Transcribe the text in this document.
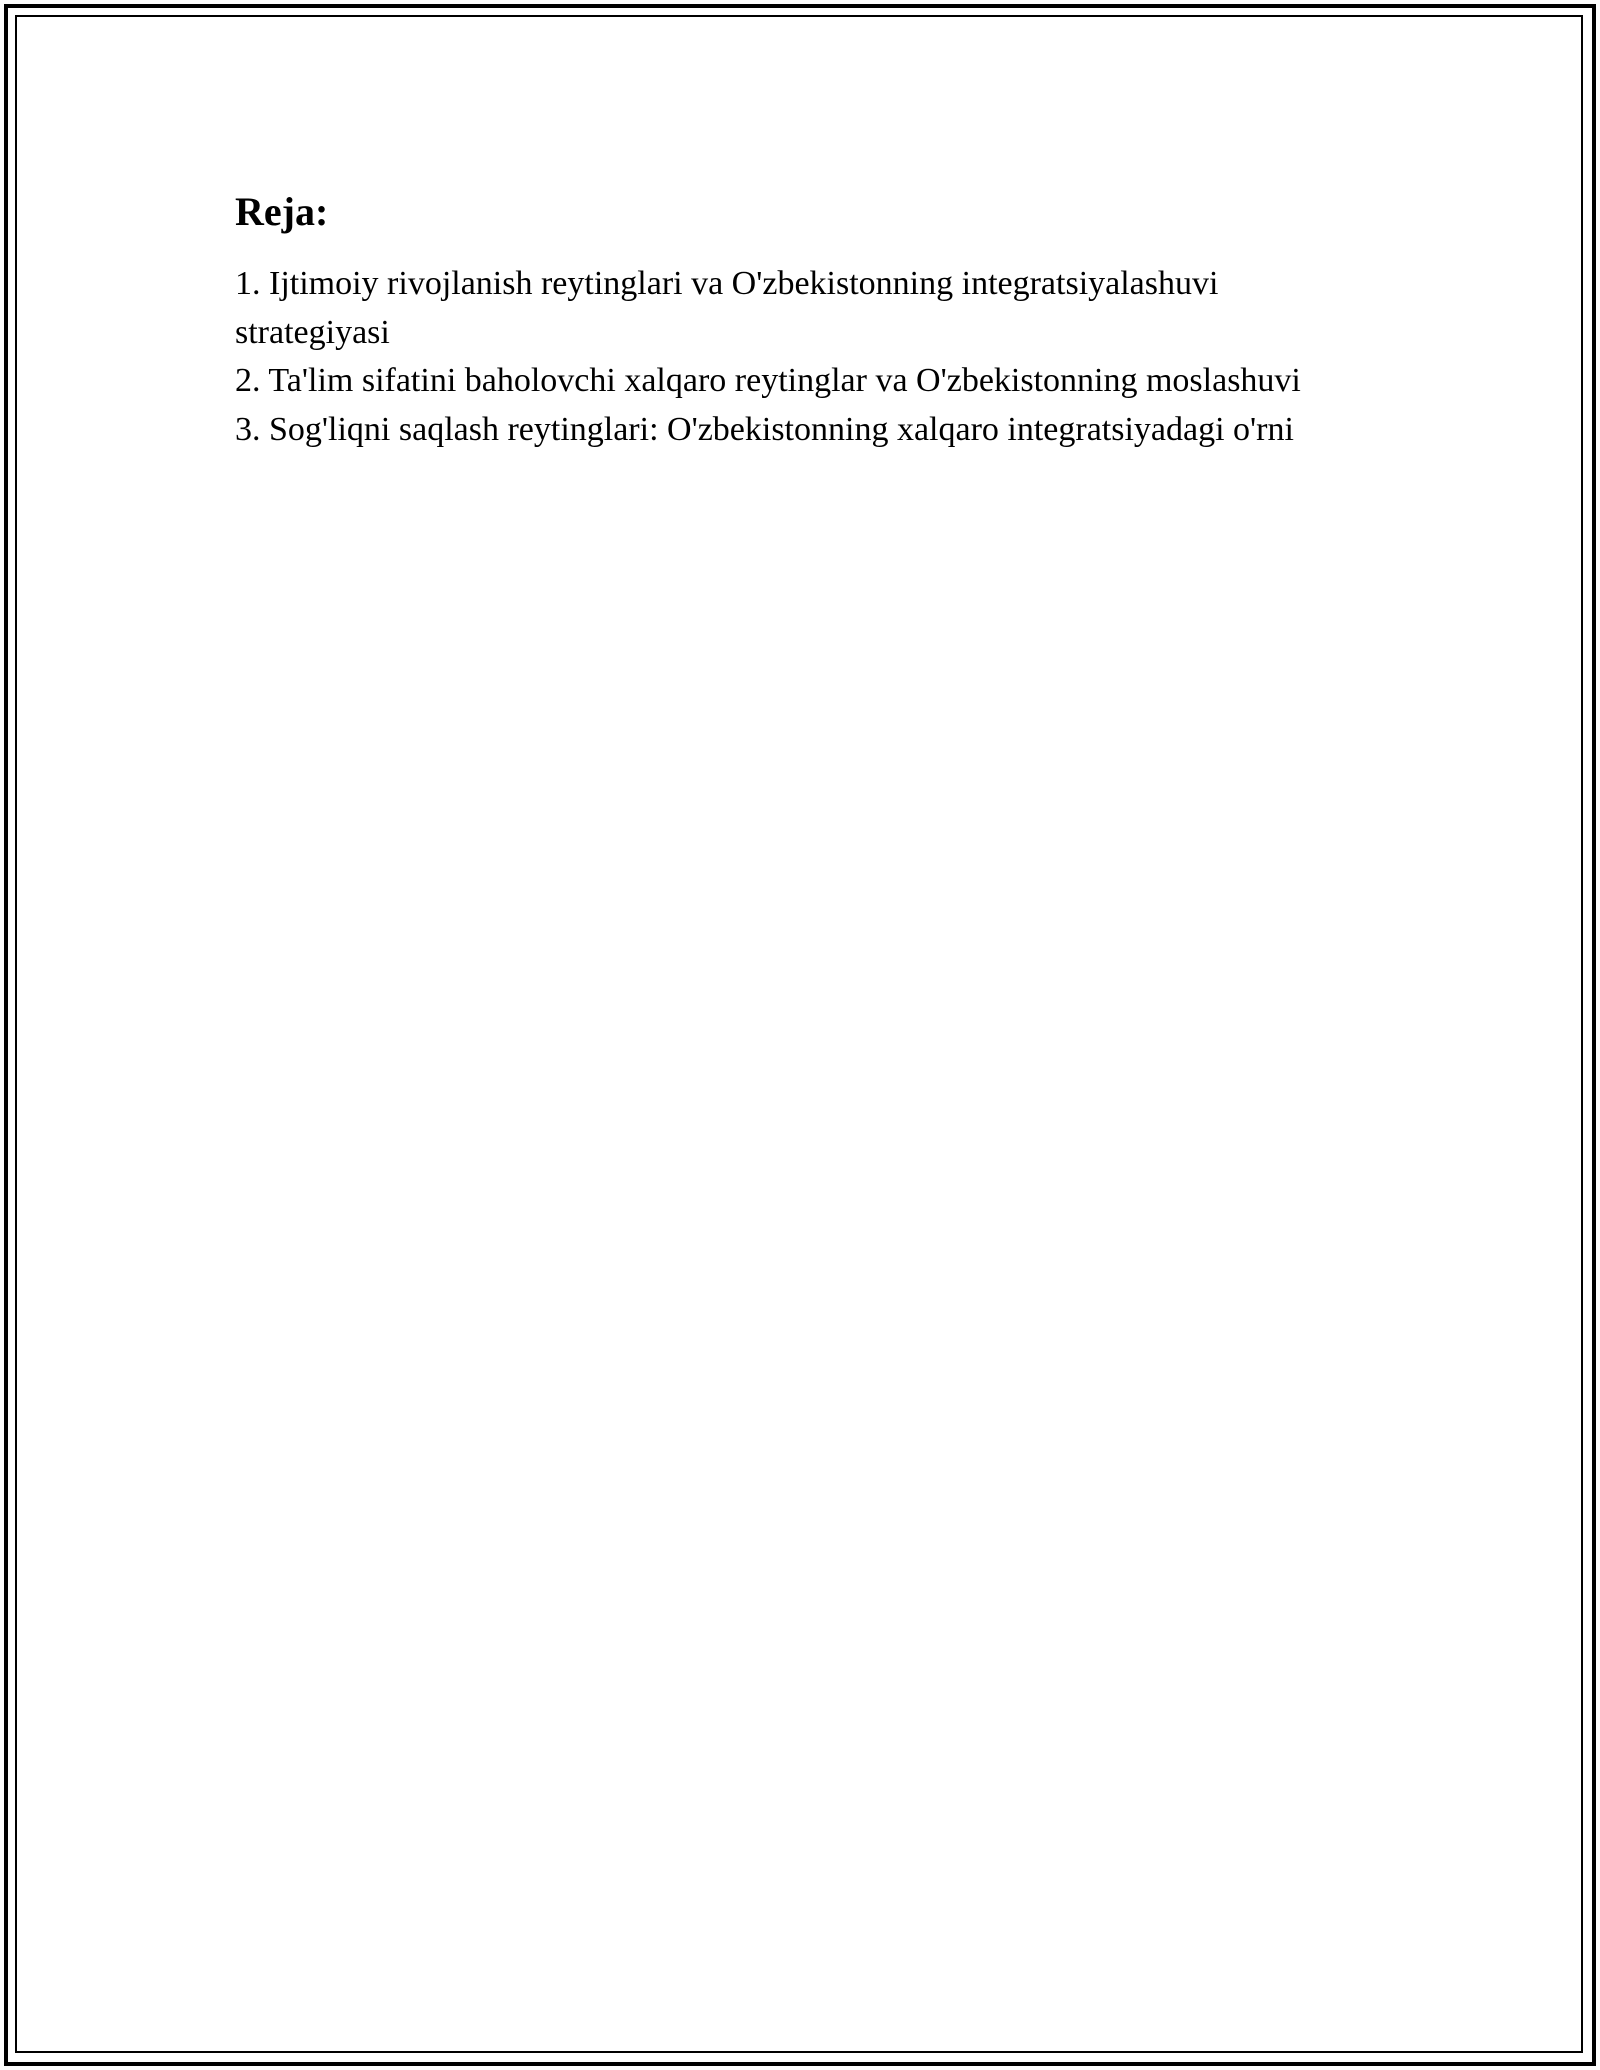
Reja:
1. Ijtimoiy rivojlanish reytinglari va O'zbekistonning integratsiyalashuvi strategiyasi
2. Ta'lim sifatini baholovchi xalqaro reytinglar va O'zbekistonning moslashuvi
3. Sog'liqni saqlash reytinglari: O'zbekistonning xalqaro integratsiyadagi o'rni
